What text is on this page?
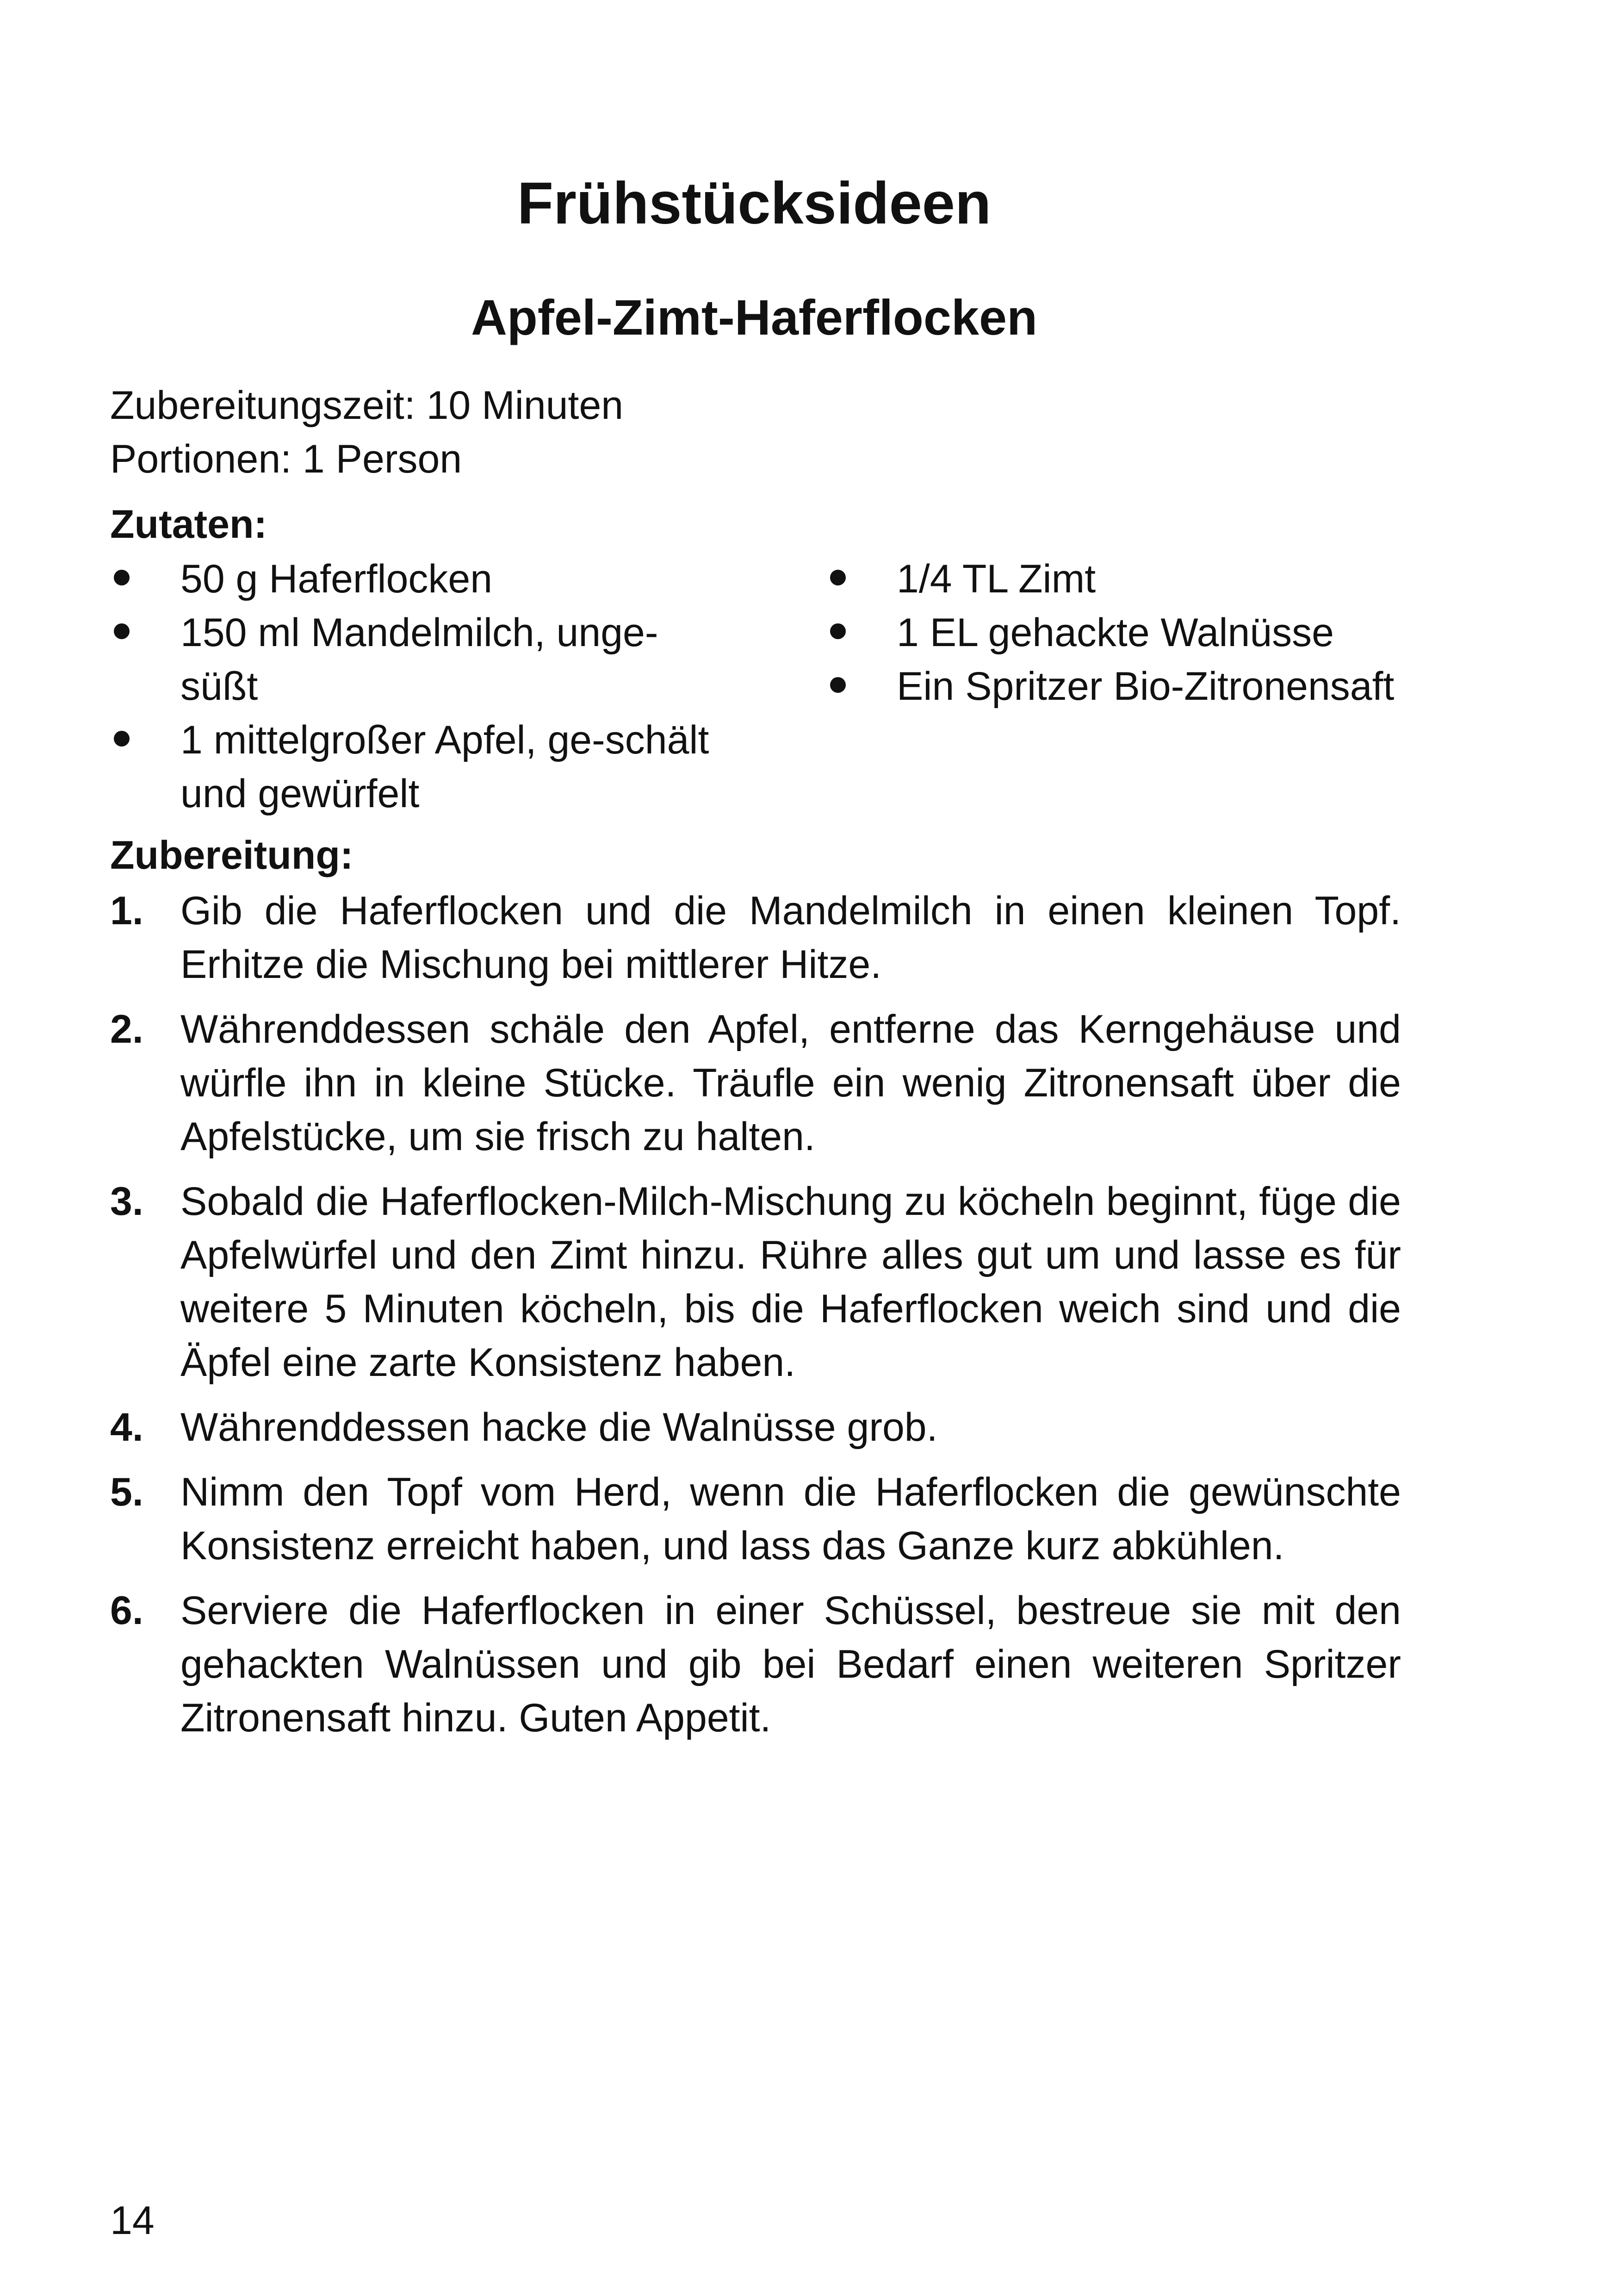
Frühstücksideen
Apfel-Zimt-Haferflocken
Zubereitungszeit: 10 Minuten
Portionen: 1 Person
Zutaten:
50 g Haferflocken
150 ml Mandelmilch, unge-süßt
1 mittelgroßer Apfel, ge-schält und gewürfelt
1/4 TL Zimt
1 EL gehackte Walnüsse
Ein Spritzer Bio-Zitronensaft
Zubereitung:
1. Gib die Haferflocken und die Mandelmilch in einen kleinen Topf. Erhitze die Mischung bei mittlerer Hitze.
2. Währenddessen schäle den Apfel, entferne das Kerngehäuse und würfle ihn in kleine Stücke. Träufle ein wenig Zitronensaft über die Apfelstücke, um sie frisch zu halten.
3. Sobald die Haferflocken-Milch-Mischung zu köcheln beginnt, füge die Apfelwürfel und den Zimt hinzu. Rühre alles gut um und lasse es für weitere 5 Minuten köcheln, bis die Haferflocken weich sind und die Äpfel eine zarte Konsistenz haben.
4. Währenddessen hacke die Walnüsse grob.
5. Nimm den Topf vom Herd, wenn die Haferflocken die gewünschte Konsistenz erreicht haben, und lass das Ganze kurz abkühlen.
6. Serviere die Haferflocken in einer Schüssel, bestreue sie mit den gehackten Walnüssen und gib bei Bedarf einen weiteren Spritzer Zitronensaft hinzu. Guten Appetit.
14
